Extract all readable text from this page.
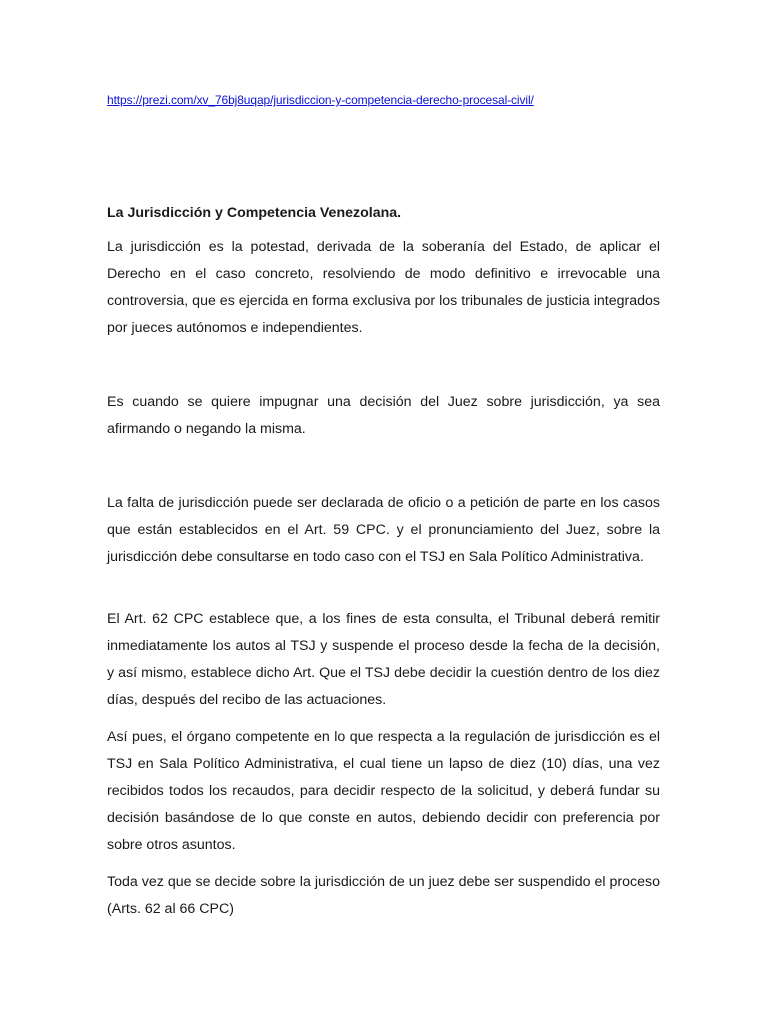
https://prezi.com/xv_76bj8uqap/jurisdiccion-y-competencia-derecho-procesal-civil/

La Jurisdicción y Competencia Venezolana.

La jurisdicción es la potestad, derivada de la soberanía del Estado, de aplicar el Derecho en el caso concreto, resolviendo de modo definitivo e irrevocable una controversia, que es ejercida en forma exclusiva por los tribunales de justicia integrados por jueces autónomos e independientes.

Es cuando se quiere impugnar una decisión del Juez sobre jurisdicción, ya sea afirmando o negando la misma.

La falta de jurisdicción puede ser declarada de oficio o a petición de parte en los casos que están establecidos en el Art. 59 CPC. y el pronunciamiento del Juez, sobre la jurisdicción debe consultarse en todo caso con el TSJ en Sala Político Administrativa.

El Art. 62 CPC establece que, a los fines de esta consulta, el Tribunal deberá remitir inmediatamente los autos al TSJ y suspende el proceso desde la fecha de la decisión, y así mismo, establece dicho Art. Que el TSJ debe decidir la cuestión dentro de los diez días, después del recibo de las actuaciones.

Así pues, el órgano competente en lo que respecta a la regulación de jurisdicción es el TSJ en Sala Político Administrativa, el cual tiene un lapso de diez (10) días, una vez recibidos todos los recaudos, para decidir respecto de la solicitud, y deberá fundar su decisión basándose de lo que conste en autos, debiendo decidir con preferencia por sobre otros asuntos.

Toda vez que se decide sobre la jurisdicción de un juez debe ser suspendido el proceso (Arts. 62 al 66 CPC)
